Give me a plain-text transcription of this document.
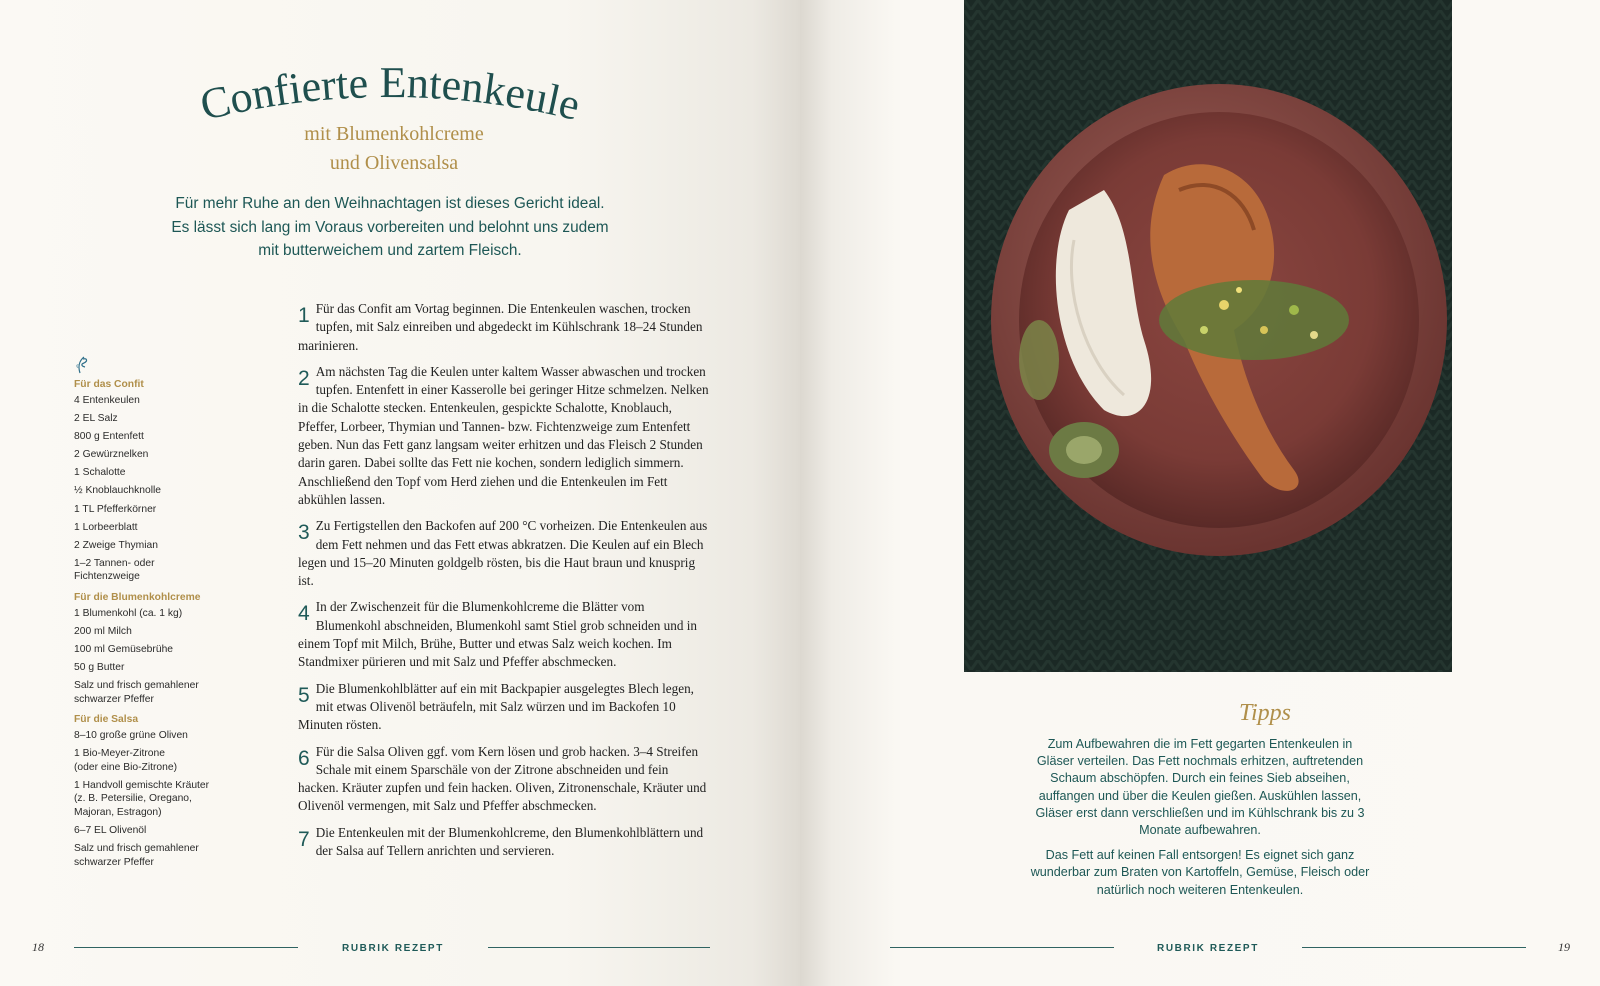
Confierte Entenkeule
mit Blumenkohlcreme
und Olivensalsa
Für mehr Ruhe an den Weihnachtagen ist dieses Gericht ideal.
Es lässt sich lang im Voraus vorbereiten und belohnt uns zudem
mit butterweichem und zartem Fleisch.
Für das Confit
4 Entenkeulen
2 EL Salz
800 g Entenfett
2 Gewürznelken
1 Schalotte
½ Knoblauchknolle
1 TL Pfefferkörner
1 Lorbeerblatt
2 Zweige Thymian
1–2 Tannen- oder
Fichtenzweige
Für die Blumenkohlcreme
1 Blumenkohl (ca. 1 kg)
200 ml Milch
100 ml Gemüsebrühe
50 g Butter
Salz und frisch gemahlener
schwarzer Pfeffer
Für die Salsa
8–10 große grüne Oliven
1 Bio-Meyer-Zitrone
(oder eine Bio-Zitrone)
1 Handvoll gemischte Kräuter
(z. B. Petersilie, Oregano,
Majoran, Estragon)
6–7 EL Olivenöl
Salz und frisch gemahlener
schwarzer Pfeffer
1 Für das Confit am Vortag beginnen. Die Entenkeulen waschen, trocken tupfen, mit Salz einreiben und abgedeckt im Kühlschrank 18–24 Stunden marinieren.
2 Am nächsten Tag die Keulen unter kaltem Wasser abwaschen und trocken tupfen. Entenfett in einer Kasserolle bei geringer Hitze schmelzen. Nelken in die Schalotte stecken. Entenkeulen, gespickte Schalotte, Knoblauch, Pfeffer, Lorbeer, Thymian und Tannen- bzw. Fichtenzweige zum Entenfett geben. Nun das Fett ganz langsam weiter erhitzen und das Fleisch 2 Stunden darin garen. Dabei sollte das Fett nie kochen, sondern lediglich simmern. Anschließend den Topf vom Herd ziehen und die Entenkeulen im Fett abkühlen lassen.
3 Zu Fertigstellen den Backofen auf 200 °C vorheizen. Die Entenkeulen aus dem Fett nehmen und das Fett etwas abkratzen. Die Keulen auf ein Blech legen und 15–20 Minuten goldgelb rösten, bis die Haut braun und knusprig ist.
4 In der Zwischenzeit für die Blumenkohlcreme die Blätter vom Blumenkohl abschneiden, Blumenkohl samt Stiel grob schneiden und in einem Topf mit Milch, Brühe, Butter und etwas Salz weich kochen. Im Standmixer pürieren und mit Salz und Pfeffer abschmecken.
5 Die Blumenkohlblätter auf ein mit Backpapier ausgelegtes Blech legen, mit etwas Olivenöl beträufeln, mit Salz würzen und im Backofen 10 Minuten rösten.
6 Für die Salsa Oliven ggf. vom Kern lösen und grob hacken. 3–4 Streifen Schale mit einem Sparschäle von der Zitrone abschneiden und fein hacken. Kräuter zupfen und fein hacken. Oliven, Zitronenschale, Kräuter und Olivenöl vermengen, mit Salz und Pfeffer abschmecken.
7 Die Entenkeulen mit der Blumenkohlcreme, den Blumenkohlblättern und der Salsa auf Tellern anrichten und servieren.
18	RUBRIK REZEPT
Tipps

Zum Aufbewahren die im Fett gegarten Entenkeulen in Gläser verteilen. Das Fett nochmals erhitzen, auftretenden Schaum abschöpfen. Durch ein feines Sieb abseihen, auffangen und über die Keulen gießen. Auskühlen lassen, Gläser erst dann verschließen und im Kühlschrank bis zu 3 Monate aufbewahren.

Das Fett auf keinen Fall entsorgen! Es eignet sich ganz wunderbar zum Braten von Kartoffeln, Gemüse, Fleisch oder natürlich noch weiteren Entenkeulen.

RUBRIK REZEPT	19
